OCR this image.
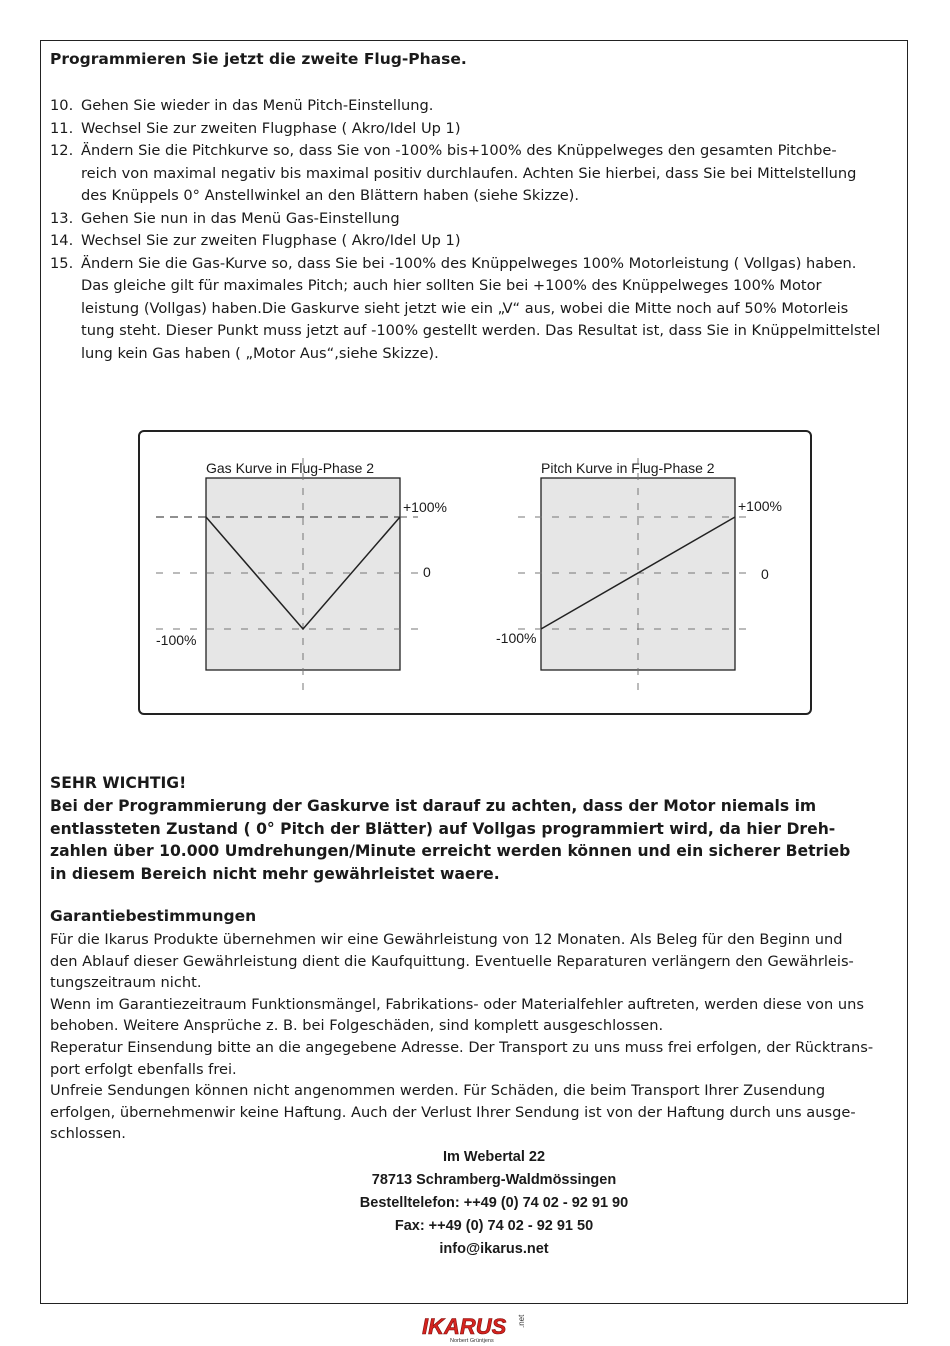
Programmieren Sie jetzt die zweite Flug-Phase.
10. Gehen Sie wieder in das Menü Pitch-Einstellung.
11. Wechsel Sie zur zweiten Flugphase ( Akro/Idel Up 1)
12. Ändern Sie die Pitchkurve so, dass Sie von -100% bis+100% des Knüppelweges den gesamten Pitchbe-
reich von maximal negativ bis maximal positiv durchlaufen. Achten Sie hierbei, dass Sie bei Mittelstellung
des Knüppels 0° Anstellwinkel an den Blättern haben (siehe Skizze).
13. Gehen Sie nun in das Menü Gas-Einstellung
14. Wechsel Sie zur zweiten Flugphase ( Akro/Idel Up 1)
15. Ändern Sie die Gas-Kurve so, dass Sie bei -100% des Knüppelweges 100% Motorleistung ( Vollgas) haben.
Das gleiche gilt für maximales Pitch; auch hier sollten Sie bei +100% des Knüppelweges 100% Motor
leistung (Vollgas) haben.Die Gaskurve sieht jetzt wie ein „V“ aus, wobei die Mitte noch auf 50% Motorleis
tung steht. Dieser Punkt muss jetzt auf -100% gestellt werden. Das Resultat ist, dass Sie in Knüppelmittelstel
lung kein Gas haben ( „Motor Aus“,siehe Skizze).
Gas Kurve in Flug-Phase 2
+100%
0
-100%
Pitch Kurve in Flug-Phase 2
+100%
0
-100%
SEHR WICHTIG!
Bei der Programmierung der Gaskurve ist darauf zu achten, dass der Motor niemals im
entlassteten Zustand ( 0° Pitch der Blätter) auf Vollgas programmiert wird, da hier Dreh-
zahlen über 10.000 Umdrehungen/Minute erreicht werden können und ein sicherer Betrieb
in diesem Bereich nicht mehr gewährleistet waere.
Garantiebestimmungen
Für die Ikarus Produkte übernehmen wir eine Gewährleistung von 12 Monaten. Als Beleg für den Beginn und
den Ablauf dieser Gewährleistung dient die Kaufquittung. Eventuelle Reparaturen verlängern den Gewährleis-
tungszeitraum nicht.
Wenn im Garantiezeitraum Funktionsmängel, Fabrikations- oder Materialfehler auftreten, werden diese von uns
behoben. Weitere Ansprüche z. B. bei Folgeschäden, sind komplett ausgeschlossen.
Reperatur Einsendung bitte an die angegebene Adresse. Der Transport zu uns muss frei erfolgen, der Rücktrans-
port erfolgt ebenfalls frei.
Unfreie Sendungen können nicht angenommen werden. Für Schäden, die beim Transport Ihrer Zusendung
erfolgen, übernehmenwir keine Haftung. Auch der Verlust Ihrer Sendung ist von der Haftung durch uns ausge-
schlossen.
Im Webertal 22
78713 Schramberg-Waldmössingen
Bestelltelefon: ++49 (0) 74 02 - 92 91 90
Fax: ++49 (0) 74 02 - 92 91 50
info@ikarus.net
IKARUS .net
Norbert Grüntjens
